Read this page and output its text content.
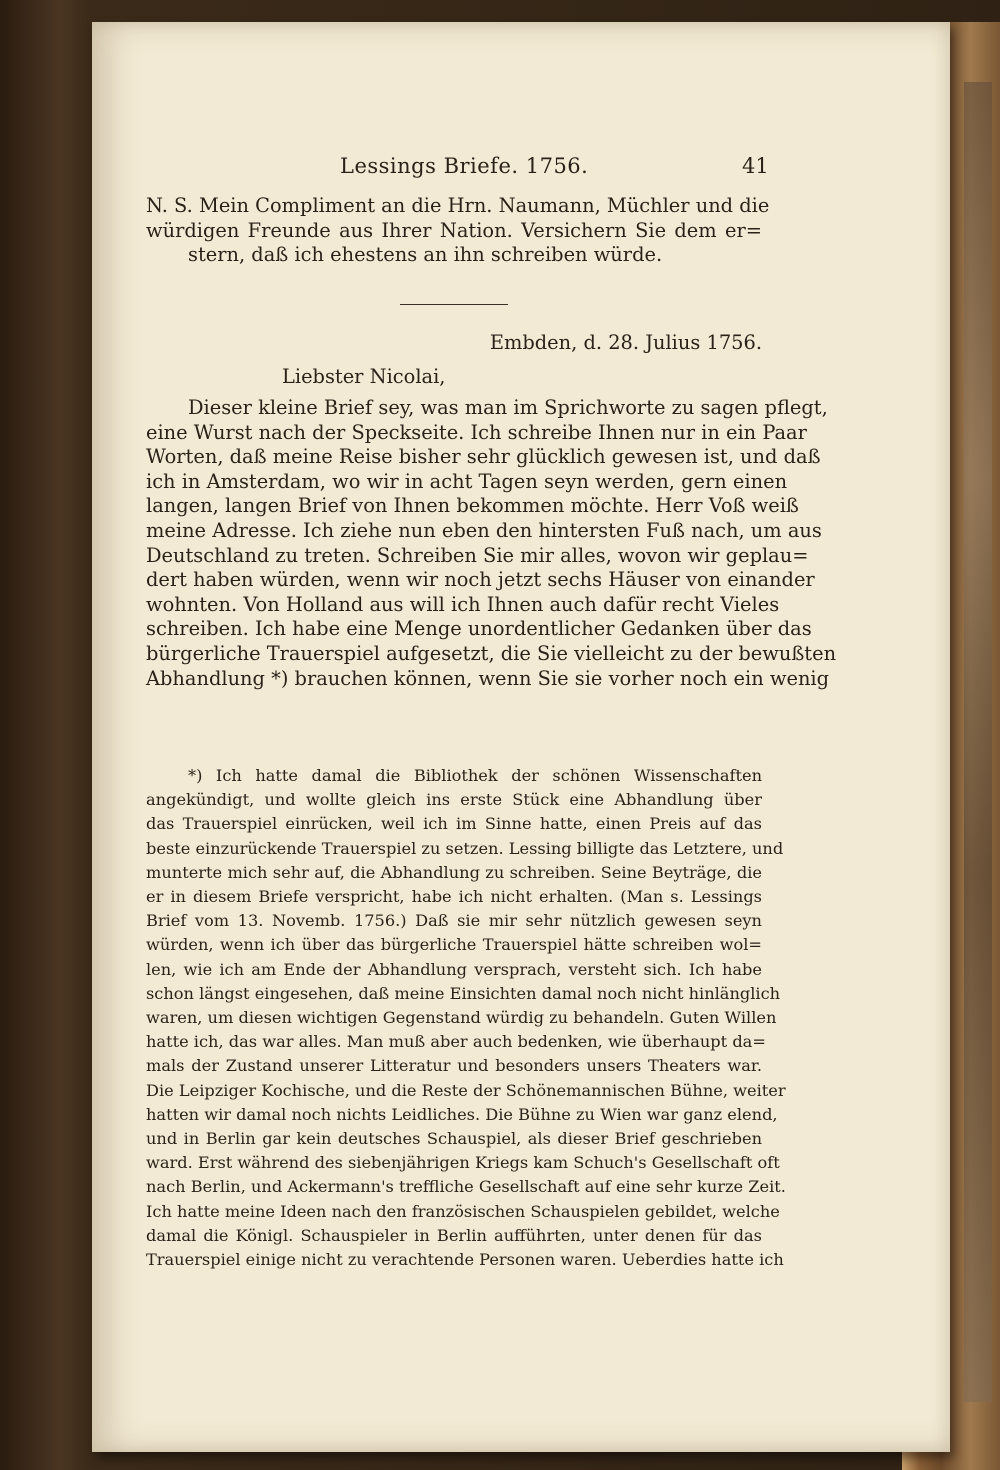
Lessings Briefe. 1756.	41
N. S. Mein Compliment an die Hrn. Naumann, Müchler und die
würdigen Freunde aus Ihrer Nation. Versichern Sie dem er=
stern, daß ich ehestens an ihn schreiben würde.
Embden, d. 28. Julius 1756.
Liebster Nicolai,
Dieser kleine Brief sey, was man im Sprichworte zu sagen pflegt,
eine Wurst nach der Speckseite. Ich schreibe Ihnen nur in ein Paar
Worten, daß meine Reise bisher sehr glücklich gewesen ist, und daß
ich in Amsterdam, wo wir in acht Tagen seyn werden, gern einen
langen, langen Brief von Ihnen bekommen möchte. Herr Voß weiß
meine Adresse. Ich ziehe nun eben den hintersten Fuß nach, um aus
Deutschland zu treten. Schreiben Sie mir alles, wovon wir geplau=
dert haben würden, wenn wir noch jetzt sechs Häuser von einander
wohnten. Von Holland aus will ich Ihnen auch dafür recht Vieles
schreiben. Ich habe eine Menge unordentlicher Gedanken über das
bürgerliche Trauerspiel aufgesetzt, die Sie vielleicht zu der bewußten
Abhandlung *) brauchen können, wenn Sie sie vorher noch ein wenig
*) Ich hatte damal die Bibliothek der schönen Wissenschaften
angekündigt, und wollte gleich ins erste Stück eine Abhandlung über
das Trauerspiel einrücken, weil ich im Sinne hatte, einen Preis auf das
beste einzurückende Trauerspiel zu setzen. Lessing billigte das Letztere, und
munterte mich sehr auf, die Abhandlung zu schreiben. Seine Beyträge, die
er in diesem Briefe verspricht, habe ich nicht erhalten. (Man s. Lessings
Brief vom 13. Novemb. 1756.) Daß sie mir sehr nützlich gewesen seyn
würden, wenn ich über das bürgerliche Trauerspiel hätte schreiben wol=
len, wie ich am Ende der Abhandlung versprach, versteht sich. Ich habe
schon längst eingesehen, daß meine Einsichten damal noch nicht hinlänglich
waren, um diesen wichtigen Gegenstand würdig zu behandeln. Guten Willen
hatte ich, das war alles. Man muß aber auch bedenken, wie überhaupt da=
mals der Zustand unserer Litteratur und besonders unsers Theaters war.
Die Leipziger Kochische, und die Reste der Schönemannischen Bühne, weiter
hatten wir damal noch nichts Leidliches. Die Bühne zu Wien war ganz elend,
und in Berlin gar kein deutsches Schauspiel, als dieser Brief geschrieben
ward. Erst während des siebenjährigen Kriegs kam Schuch's Gesellschaft oft
nach Berlin, und Ackermann's treffliche Gesellschaft auf eine sehr kurze Zeit.
Ich hatte meine Ideen nach den französischen Schauspielen gebildet, welche
damal die Königl. Schauspieler in Berlin aufführten, unter denen für das
Trauerspiel einige nicht zu verachtende Personen waren. Ueberdies hatte ich
